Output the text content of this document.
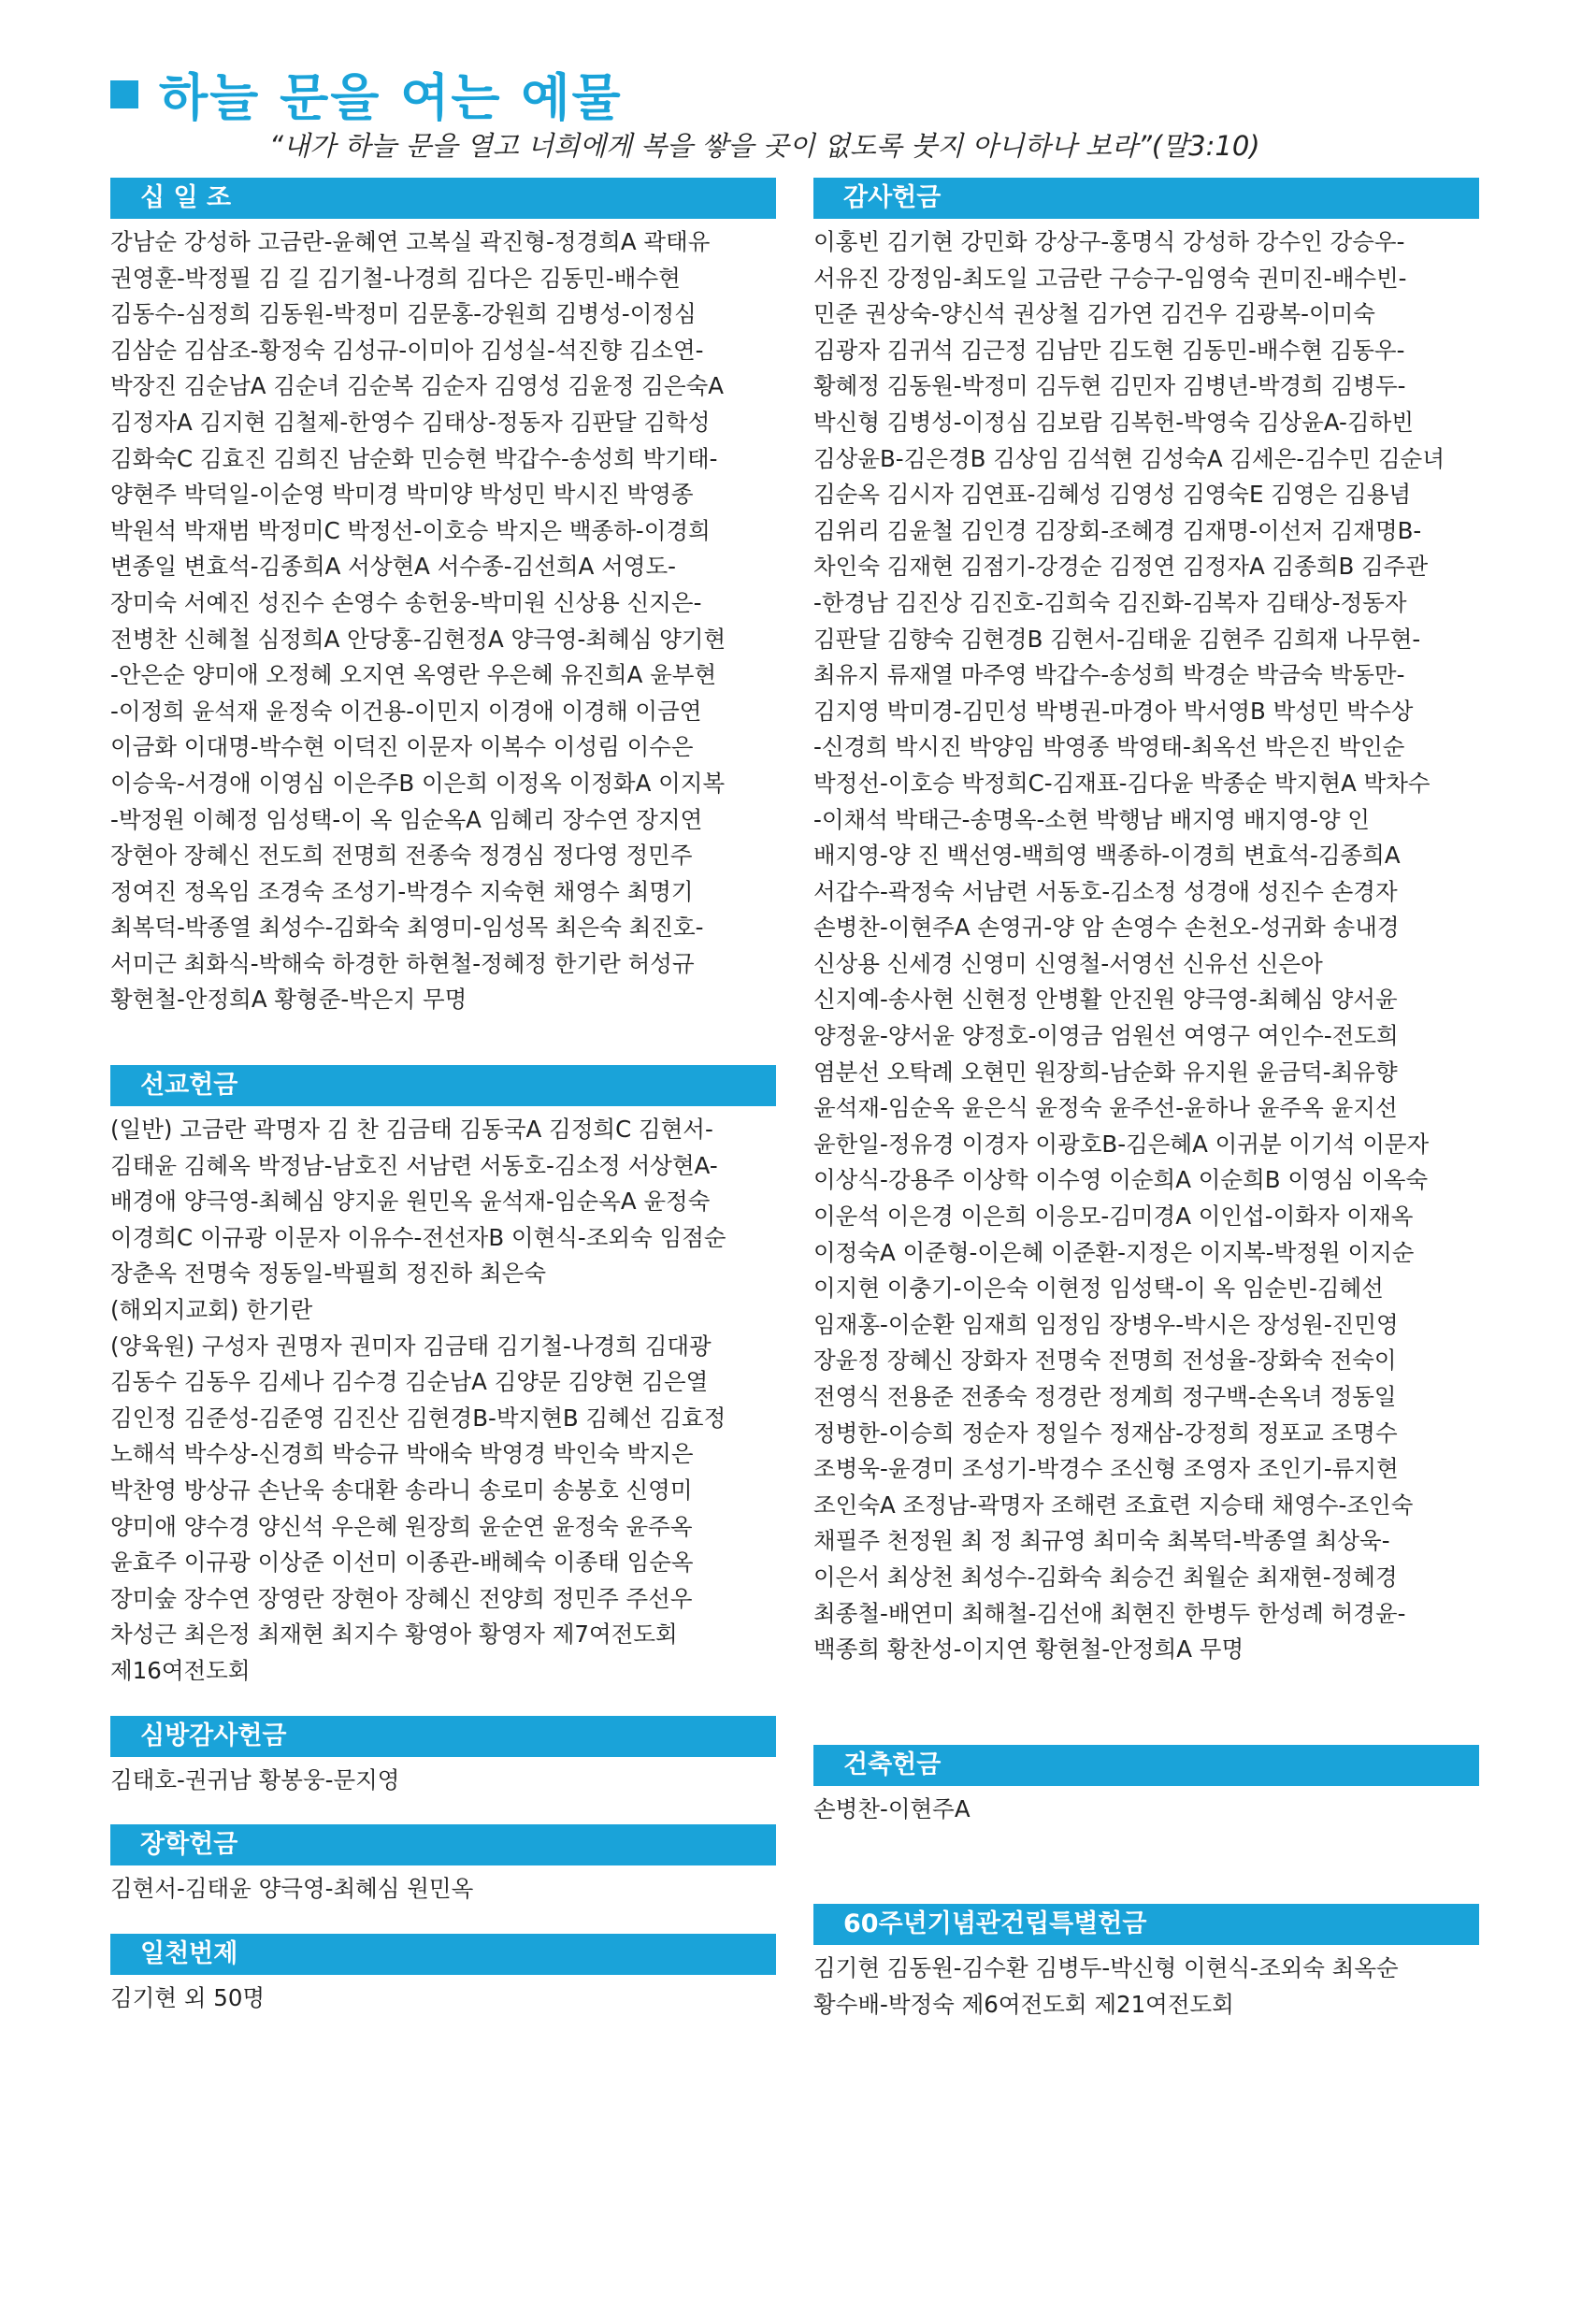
하늘 문을 여는 예물
“내가 하늘 문을 열고 너희에게 복을 쌓을 곳이 없도록 붓지 아니하나 보라”(말3:10)
십 일 조
강남순 강성하 고금란-윤혜연 고복실 곽진형-정경희A 곽태유
권영훈-박정필 김 길 김기철-나경희 김다은 김동민-배수현
김동수-심정희 김동원-박정미 김문홍-강원희 김병성-이정심
김삼순 김삼조-황정숙 김성규-이미아 김성실-석진향 김소연-
박장진 김순남A 김순녀 김순복 김순자 김영성 김윤정 김은숙A
김정자A 김지현 김철제-한영수 김태상-정동자 김판달 김학성
김화숙C 김효진 김희진 남순화 민승현 박갑수-송성희 박기태-
양현주 박덕일-이순영 박미경 박미양 박성민 박시진 박영종
박원석 박재범 박정미C 박정선-이호승 박지은 백종하-이경희
변종일 변효석-김종희A 서상현A 서수종-김선희A 서영도-
장미숙 서예진 성진수 손영수 송헌웅-박미원 신상용 신지은-
전병찬 신혜철 심정희A 안당홍-김현정A 양극영-최혜심 양기현
-안은순 양미애 오정혜 오지연 옥영란 우은혜 유진희A 윤부현
-이정희 윤석재 윤정숙 이건용-이민지 이경애 이경해 이금연
이금화 이대명-박수현 이덕진 이문자 이복수 이성림 이수은
이승욱-서경애 이영심 이은주B 이은희 이정옥 이정화A 이지복
-박정원 이혜정 임성택-이 옥 임순옥A 임혜리 장수연 장지연
장현아 장혜신 전도희 전명희 전종숙 정경심 정다영 정민주
정여진 정옥임 조경숙 조성기-박경수 지숙현 채영수 최명기
최복덕-박종열 최성수-김화숙 최영미-임성목 최은숙 최진호-
서미근 최화식-박해숙 하경한 하현철-정혜정 한기란 허성규
황현철-안정희A 황형준-박은지 무명
선교헌금
(일반) 고금란 곽명자 김 찬 김금태 김동국A 김정희C 김현서-
김태윤 김혜옥 박정남-남호진 서남련 서동호-김소정 서상현A-
배경애 양극영-최혜심 양지윤 원민옥 윤석재-임순옥A 윤정숙
이경희C 이규광 이문자 이유수-전선자B 이현식-조외숙 임점순
장춘옥 전명숙 정동일-박필희 정진하 최은숙
(해외지교회) 한기란
(양육원) 구성자 권명자 권미자 김금태 김기철-나경희 김대광
김동수 김동우 김세나 김수경 김순남A 김양문 김양현 김은열
김인정 김준성-김준영 김진산 김현경B-박지현B 김혜선 김효정
노해석 박수상-신경희 박승규 박애숙 박영경 박인숙 박지은
박찬영 방상규 손난욱 송대환 송라니 송로미 송봉호 신영미
양미애 양수경 양신석 우은혜 원장희 윤순연 윤정숙 윤주옥
윤효주 이규광 이상준 이선미 이종관-배혜숙 이종태 임순옥
장미숲 장수연 장영란 장현아 장혜신 전양희 정민주 주선우
차성근 최은정 최재현 최지수 황영아 황영자 제7여전도회
제16여전도회
심방감사헌금
김태호-권귀남 황봉웅-문지영
장학헌금
김현서-김태윤 양극영-최혜심 원민옥
일천번제
김기현 외 50명
감사헌금
이홍빈 김기현 강민화 강상구-홍명식 강성하 강수인 강승우-
서유진 강정임-최도일 고금란 구승구-임영숙 권미진-배수빈-
민준 권상숙-양신석 권상철 김가연 김건우 김광복-이미숙
김광자 김귀석 김근정 김남만 김도현 김동민-배수현 김동우-
황혜정 김동원-박정미 김두현 김민자 김병년-박경희 김병두-
박신형 김병성-이정심 김보람 김복헌-박영숙 김상윤A-김하빈
김상윤B-김은경B 김상임 김석현 김성숙A 김세은-김수민 김순녀
김순옥 김시자 김연표-김혜성 김영성 김영숙E 김영은 김용념
김위리 김윤철 김인경 김장회-조혜경 김재명-이선저 김재명B-
차인숙 김재현 김점기-강경순 김정연 김정자A 김종희B 김주관
-한경남 김진상 김진호-김희숙 김진화-김복자 김태상-정동자
김판달 김향숙 김현경B 김현서-김태윤 김현주 김희재 나무현-
최유지 류재열 마주영 박갑수-송성희 박경순 박금숙 박동만-
김지영 박미경-김민성 박병권-마경아 박서영B 박성민 박수상
-신경희 박시진 박양임 박영종 박영태-최옥선 박은진 박인순
박정선-이호승 박정희C-김재표-김다윤 박종순 박지현A 박차수
-이채석 박태근-송명옥-소현 박행남 배지영 배지영-양 인
배지영-양 진 백선영-백희영 백종하-이경희 변효석-김종희A
서갑수-곽정숙 서남련 서동호-김소정 성경애 성진수 손경자
손병찬-이현주A 손영귀-양 암 손영수 손천오-성귀화 송내경
신상용 신세경 신영미 신영철-서영선 신유선 신은아
신지예-송사현 신현정 안병활 안진원 양극영-최혜심 양서윤
양정윤-양서윤 양정호-이영금 엄원선 여영구 여인수-전도희
염분선 오탁례 오현민 원장희-남순화 유지원 윤금덕-최유향
윤석재-임순옥 윤은식 윤정숙 윤주선-윤하나 윤주옥 윤지선
윤한일-정유경 이경자 이광호B-김은혜A 이귀분 이기석 이문자
이상식-강용주 이상학 이수영 이순희A 이순희B 이영심 이옥숙
이운석 이은경 이은희 이응모-김미경A 이인섭-이화자 이재옥
이정숙A 이준형-이은혜 이준환-지정은 이지복-박정원 이지순
이지현 이충기-이은숙 이현정 임성택-이 옥 임순빈-김혜선
임재홍-이순환 임재희 임정임 장병우-박시은 장성원-진민영
장윤정 장혜신 장화자 전명숙 전명희 전성율-장화숙 전숙이
전영식 전용준 전종숙 정경란 정계희 정구백-손옥녀 정동일
정병한-이승희 정순자 정일수 정재삼-강정희 정포교 조명수
조병욱-윤경미 조성기-박경수 조신형 조영자 조인기-류지현
조인숙A 조정남-곽명자 조해련 조효련 지승태 채영수-조인숙
채필주 천정원 최 정 최규영 최미숙 최복덕-박종열 최상욱-
이은서 최상천 최성수-김화숙 최승건 최월순 최재현-정혜경
최종철-배연미 최해철-김선애 최현진 한병두 한성례 허경윤-
백종희 황찬성-이지연 황현철-안정희A 무명
건축헌금
손병찬-이현주A
60주년기념관건립특별헌금
김기현 김동원-김수환 김병두-박신형 이현식-조외숙 최옥순
황수배-박정숙 제6여전도회 제21여전도회
